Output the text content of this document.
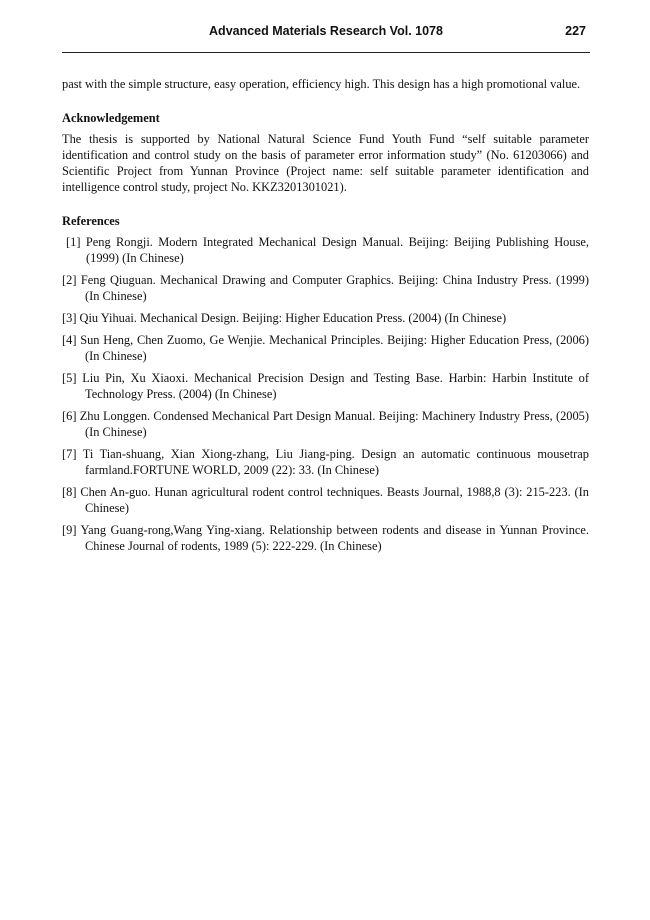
Advanced Materials Research Vol. 1078	227

past with the simple structure, easy operation, efficiency high. This design has a high promotional value.

Acknowledgement

The thesis is supported by National Natural Science Fund Youth Fund “self suitable parameter identification and control study on the basis of parameter error information study” (No. 61203066) and Scientific Project from Yunnan Province (Project name: self suitable parameter identification and intelligence control study, project No. KKZ3201301021).

References
[1] Peng Rongji. Modern Integrated Mechanical Design Manual. Beijing: Beijing Publishing House, (1999) (In Chinese)
[2] Feng Qiuguan. Mechanical Drawing and Computer Graphics. Beijing: China Industry Press. (1999) (In Chinese)
[3] Qiu Yihuai. Mechanical Design. Beijing: Higher Education Press. (2004) (In Chinese)
[4] Sun Heng, Chen Zuomo, Ge Wenjie. Mechanical Principles. Beijing: Higher Education Press, (2006) (In Chinese)
[5] Liu Pin, Xu Xiaoxi. Mechanical Precision Design and Testing Base. Harbin: Harbin Institute of Technology Press. (2004) (In Chinese)
[6] Zhu Longgen. Condensed Mechanical Part Design Manual. Beijing: Machinery Industry Press, (2005) (In Chinese)
[7] Ti Tian-shuang, Xian Xiong-zhang, Liu Jiang-ping. Design an automatic continuous mousetrap farmland.FORTUNE WORLD, 2009 (22): 33. (In Chinese)
[8] Chen An-guo. Hunan agricultural rodent control techniques. Beasts Journal, 1988,8 (3): 215-223. (In Chinese)
[9] Yang Guang-rong,Wang Ying-xiang. Relationship between rodents and disease in Yunnan Province. Chinese Journal of rodents, 1989 (5): 222-229. (In Chinese)
